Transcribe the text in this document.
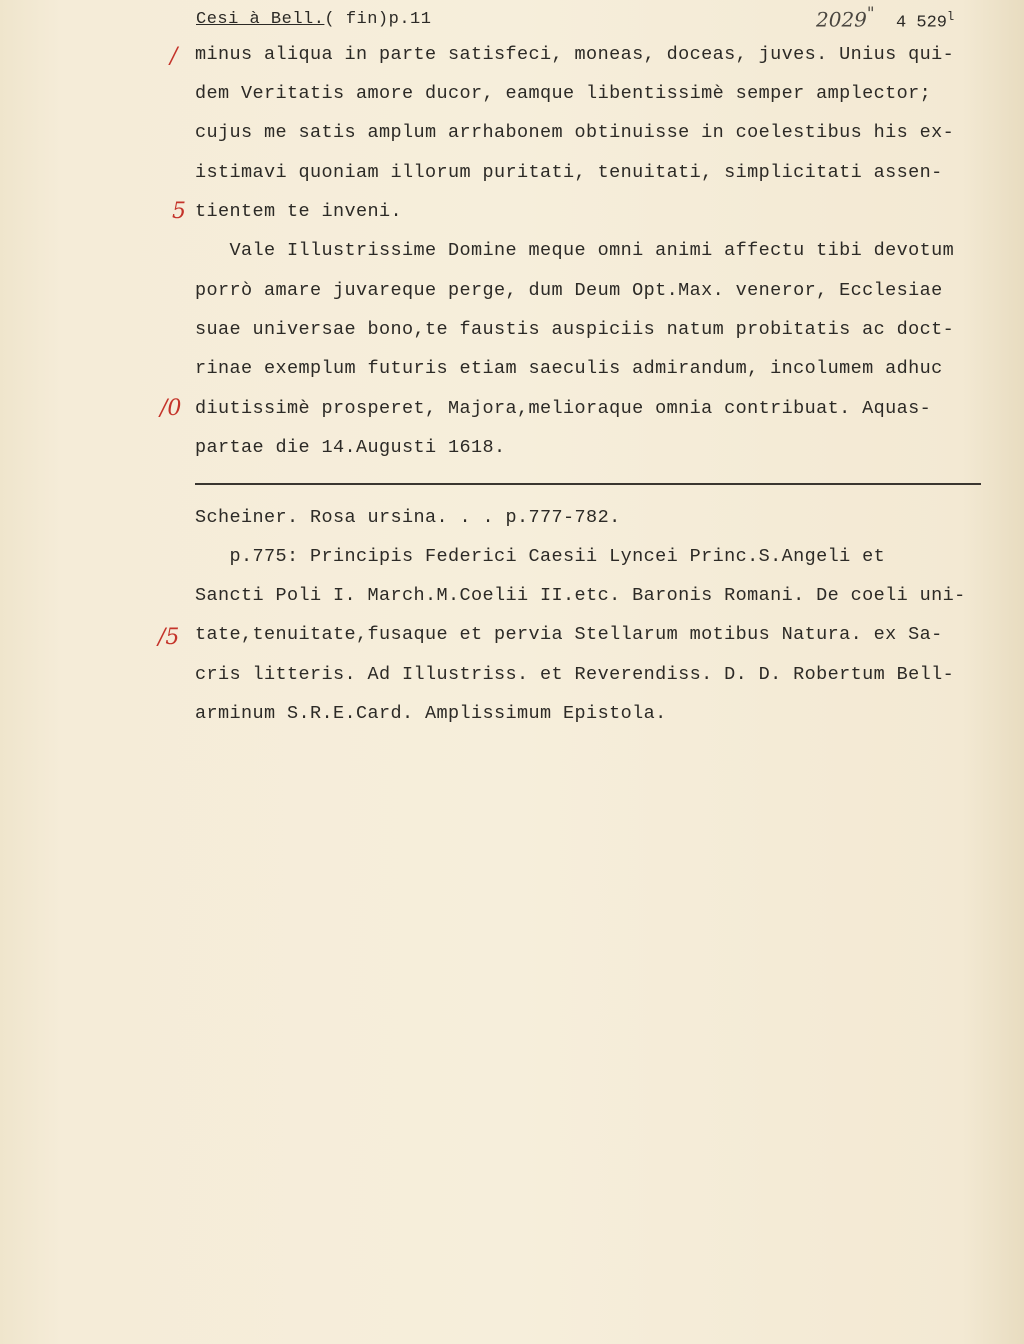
Cesi à Bell.( fin)p.11	2029"
4 529$^l$
/
5
/0
/5
minus aliqua in parte satisfeci, moneas, doceas, juves. Unius qui-
dem Veritatis amore ducor, eamque libentissimè semper amplector;
cujus me satis amplum arrhabonem obtinuisse in coelestibus his ex-
istimavi quoniam illorum puritati, tenuitati, simplicitati assen-
tientem te inveni.
Vale Illustrissime Domine meque omni animi affectu tibi devotum
porrò amare juvareque perge, dum Deum Opt.Max. veneror, Ecclesiae
suae universae bono,te faustis auspiciis natum probitatis ac doct-
rinae exemplum futuris etiam saeculis admirandum, incolumem adhuc
diutissimè prosperet, Majora,melioraque omnia contribuat. Aquas-
partae die 14.Augusti 1618.
Scheiner. Rosa ursina. . . p.777-782.
p.775: Principis Federici Caesii Lyncei Princ.S.Angeli et
Sancti Poli I. March.M.Coelii II.etc. Baronis Romani. De coeli uni-
tate,tenuitate,fusaque et pervia Stellarum motibus Natura. ex Sa-
cris litteris. Ad Illustriss. et Reverendiss. D. D. Robertum Bell-
arminum S.R.E.Card. Amplissimum Epistola.
